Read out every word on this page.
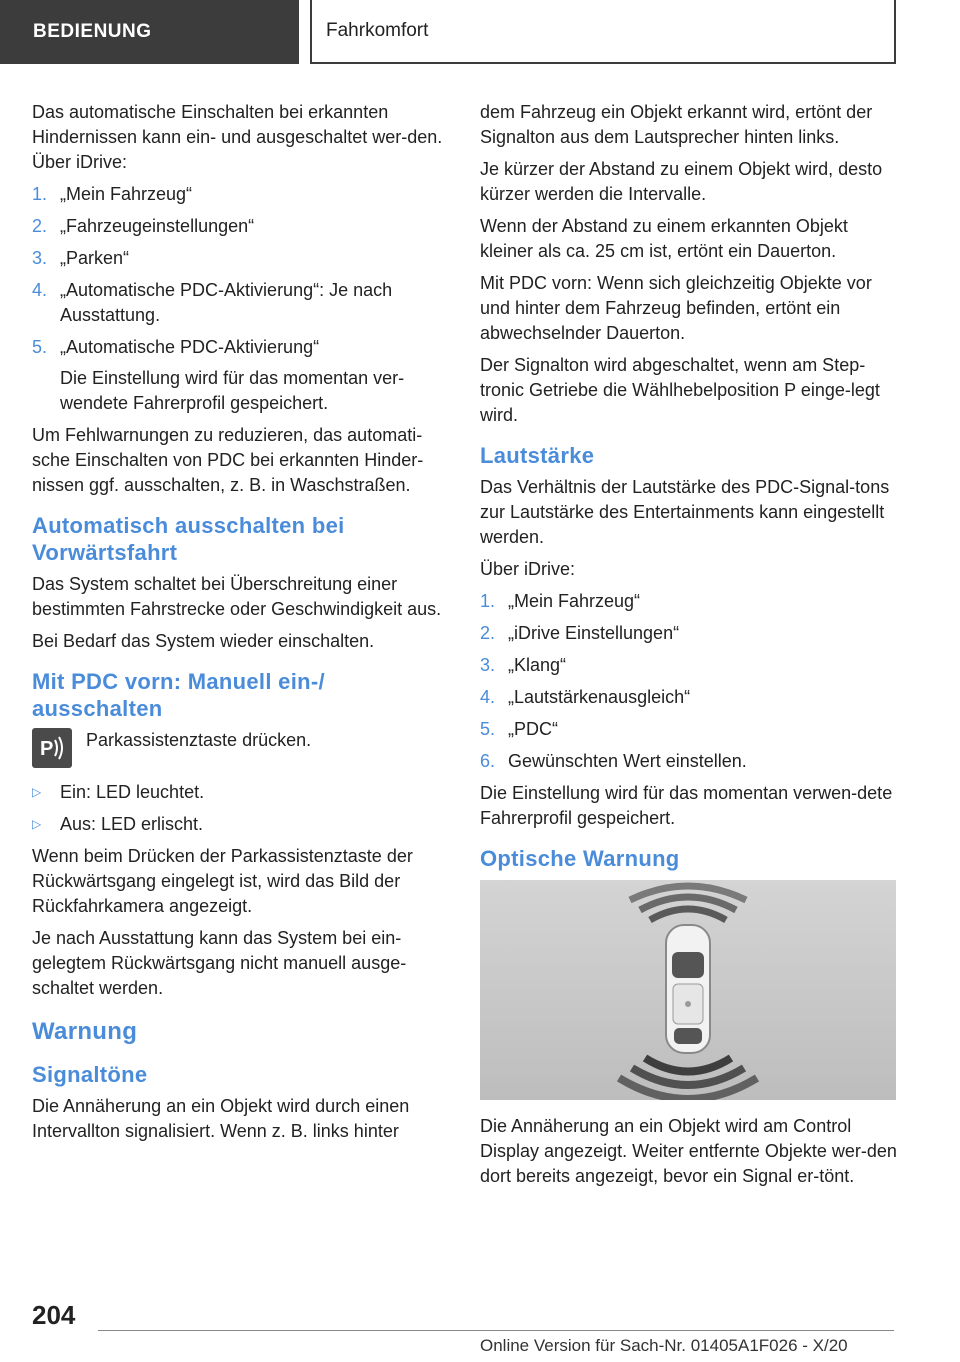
BEDIENUNG	Fahrkomfort

Das automatische Einschalten bei erkannten Hindernissen kann ein- und ausgeschaltet wer-den. Über iDrive:

1. „Mein Fahrzeug“
2. „Fahrzeugeinstellungen“
3. „Parken“
4. „Automatische PDC-Aktivierung“: Je nach Ausstattung.
5. „Automatische PDC-Aktivierung“
Die Einstellung wird für das momentan ver-wendete Fahrerprofil gespeichert.

Um Fehlwarnungen zu reduzieren, das automati-sche Einschalten von PDC bei erkannten Hinder-nissen ggf. ausschalten, z. B. in Waschstraßen.

Automatisch ausschalten bei Vorwärtsfahrt

Das System schaltet bei Überschreitung einer bestimmten Fahrstrecke oder Geschwindigkeit aus.

Bei Bedarf das System wieder einschalten.

Mit PDC vorn: Manuell ein-/ ausschalten
P Parkassistenztaste drücken.
▷	Ein: LED leuchtet.
▷	Aus: LED erlischt.

Wenn beim Drücken der Parkassistenztaste der Rückwärtsgang eingelegt ist, wird das Bild der Rückfahrkamera angezeigt.

Je nach Ausstattung kann das System bei ein-gelegtem Rückwärtsgang nicht manuell ausge-schaltet werden.

Warnung
Signaltöne

Die Annäherung an ein Objekt wird durch einen Intervallton signalisiert. Wenn z. B. links hinter

dem Fahrzeug ein Objekt erkannt wird, ertönt der Signalton aus dem Lautsprecher hinten links.

Je kürzer der Abstand zu einem Objekt wird, desto kürzer werden die Intervalle.

Wenn der Abstand zu einem erkannten Objekt kleiner als ca. 25 cm ist, ertönt ein Dauerton.

Mit PDC vorn: Wenn sich gleichzeitig Objekte vor und hinter dem Fahrzeug befinden, ertönt ein abwechselnder Dauerton.

Der Signalton wird abgeschaltet, wenn am Step-tronic Getriebe die Wählhebelposition P einge-legt wird.

Lautstärke

Das Verhältnis der Lautstärke des PDC-Signal-tons zur Lautstärke des Entertainments kann eingestellt werden.

Über iDrive:

1. „Mein Fahrzeug“
2. „iDrive Einstellungen“
3. „Klang“
4. „Lautstärkenausgleich“
5. „PDC“
6. Gewünschten Wert einstellen.

Die Einstellung wird für das momentan verwen-dete Fahrerprofil gespeichert.

Optische Warnung

Die Annäherung an ein Objekt wird am Control Display angezeigt. Weiter entfernte Objekte wer-den dort bereits angezeigt, bevor ein Signal er-tönt.

204
Online Version für Sach-Nr. 01405A1F026 - X/20
